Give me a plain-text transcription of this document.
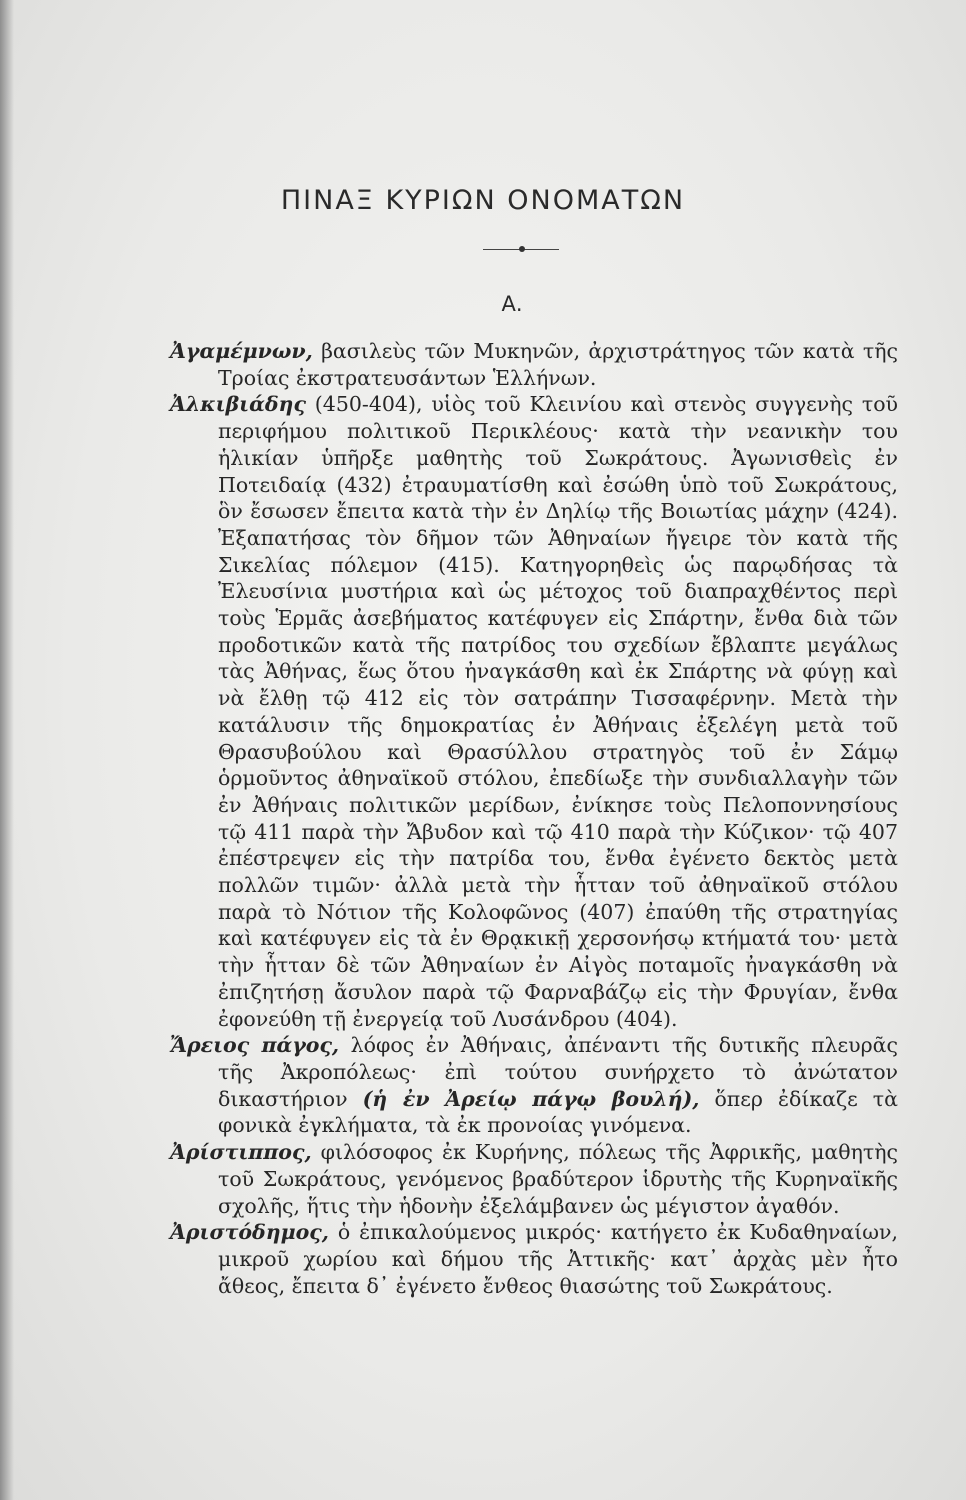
ΠΙΝΑΞ ΚΥΡΙΩΝ ΟΝΟΜΑΤΩΝ
Α.

Ἀγαμέμνων, βασιλεὺς τῶν Μυκηνῶν, ἀρχιστράτηγος τῶν κατὰ τῆς Τροίας ἐκστρατευσάντων Ἑλλήνων.

Ἀλκιβιάδης (450-404), υἱὸς τοῦ Κλεινίου καὶ στενὸς συγγενὴς τοῦ περιφήμου πολιτικοῦ Περικλέους· κατὰ τὴν νεανικὴν του ἡλικίαν ὑπῆρξε μαθητὴς τοῦ Σωκράτους. Ἀγωνισθεὶς ἐν Ποτειδαίᾳ (432) ἐτραυματίσθη καὶ ἐσώθη ὑπὸ τοῦ Σωκράτους, ὃν ἔσωσεν ἔπειτα κατὰ τὴν ἐν Δηλίῳ τῆς Βοιωτίας μάχην (424). Ἐξαπατήσας τὸν δῆμον τῶν Ἀθηναίων ἤγειρε τὸν κατὰ τῆς Σικελίας πόλεμον (415). Κατηγορηθεὶς ὡς παρῳδήσας τὰ Ἐλευσίνια μυστήρια καὶ ὡς μέτοχος τοῦ διαπραχθέντος περὶ τοὺς Ἑρμᾶς ἀσεβήματος κατέφυγεν εἰς Σπάρτην, ἔνθα διὰ τῶν προδοτικῶν κατὰ τῆς πατρίδος του σχεδίων ἔβλαπτε μεγάλως τὰς Ἀθήνας, ἕως ὅτου ἠναγκάσθη καὶ ἐκ Σπάρτης νὰ φύγῃ καὶ νὰ ἔλθῃ τῷ 412 εἰς τὸν σατράπην Τισσαφέρνην. Μετὰ τὴν κατάλυσιν τῆς δημοκρατίας ἐν Ἀθήναις ἐξελέγη μετὰ τοῦ Θρασυβούλου καὶ Θρασύλλου στρατηγὸς τοῦ ἐν Σάμῳ ὁρμοῦντος ἀθηναϊκοῦ στόλου, ἐπεδίωξε τὴν συνδιαλλαγὴν τῶν ἐν Ἀθήναις πολιτικῶν μερίδων, ἐνίκησε τοὺς Πελοποννησίους τῷ 411 παρὰ τὴν Ἄβυδον καὶ τῷ 410 παρὰ τὴν Κύζικον· τῷ 407 ἐπέστρεψεν εἰς τὴν πατρίδα του, ἔνθα ἐγένετο δεκτὸς μετὰ πολλῶν τιμῶν· ἀλλὰ μετὰ τὴν ἧτταν τοῦ ἀθηναϊκοῦ στόλου παρὰ τὸ Νότιον τῆς Κολοφῶνος (407) ἐπαύθη τῆς στρατηγίας καὶ κατέφυγεν εἰς τὰ ἐν Θρᾳκικῇ χερσονήσῳ κτήματά του· μετὰ τὴν ἧτταν δὲ τῶν Ἀθηναίων ἐν Αἰγὸς ποταμοῖς ἠναγκάσθη νὰ ἐπιζητήσῃ ἄσυλον παρὰ τῷ Φαρναβάζῳ εἰς τὴν Φρυγίαν, ἔνθα ἐφονεύθη τῇ ἐνεργείᾳ τοῦ Λυσάνδρου (404).

Ἄρειος πάγος, λόφος ἐν Ἀθήναις, ἀπέναντι τῆς δυτικῆς πλευρᾶς τῆς Ἀκροπόλεως· ἐπὶ τούτου συνήρχετο τὸ ἀνώτατον δικαστήριον (ἡ ἐν Ἀρείῳ πάγῳ βουλή), ὅπερ ἐδίκαζε τὰ φονικὰ ἐγκλήματα, τὰ ἐκ προνοίας γινόμενα.

Ἀρίστιππος, φιλόσοφος ἐκ Κυρήνης, πόλεως τῆς Ἀφρικῆς, μαθητὴς τοῦ Σωκράτους, γενόμενος βραδύτερον ἱδρυτὴς τῆς Κυρηναϊκῆς σχολῆς, ἥτις τὴν ἡδονὴν ἐξελάμβανεν ὡς μέγιστον ἀγαθόν.

Ἀριστόδημος, ὁ ἐπικαλούμενος μικρός· κατήγετο ἐκ Κυδαθηναίων, μικροῦ χωρίου καὶ δήμου τῆς Ἀττικῆς· κατ᾽ ἀρχὰς μὲν ἦτο ἄθεος, ἔπειτα δ᾽ ἐγένετο ἔνθεος θιασώτης τοῦ Σωκράτους.
